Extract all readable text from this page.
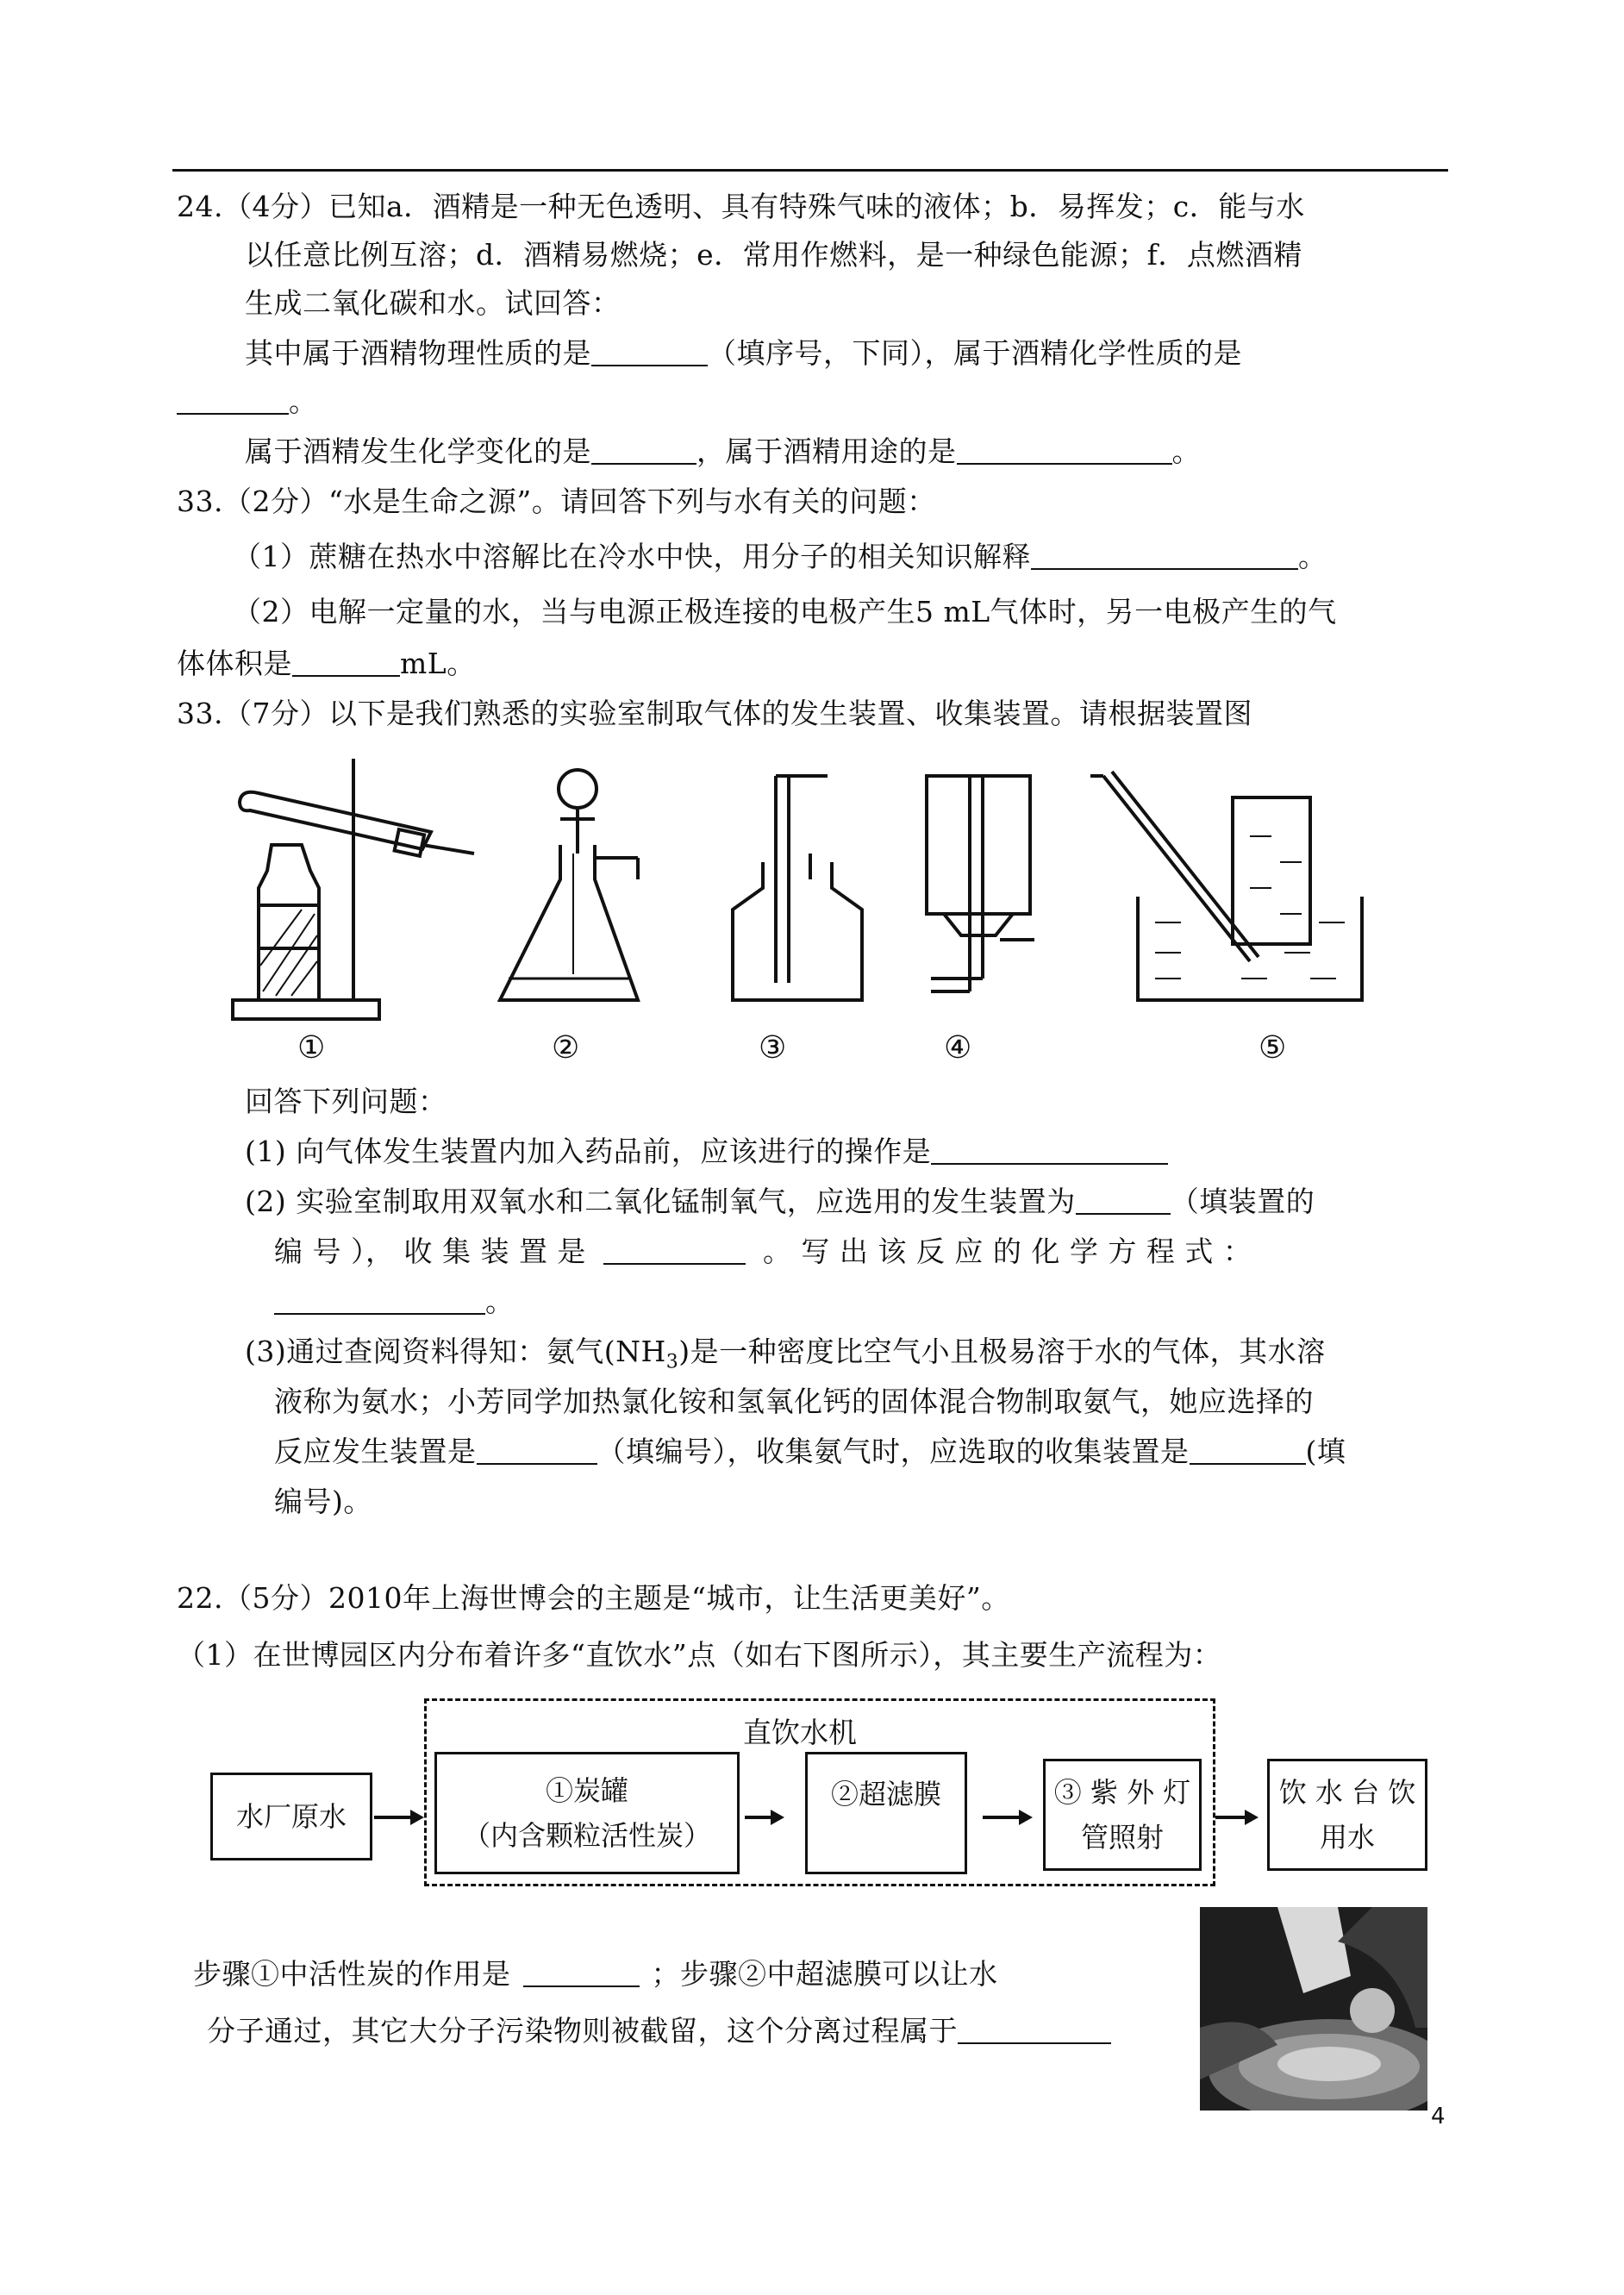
24.（4分）已知a．酒精是一种无色透明、具有特殊气味的液体；b．易挥发；c．能与水
以任意比例互溶；d．酒精易燃烧；e．常用作燃料，是一种绿色能源；f．点燃酒精
生成二氧化碳和水。试回答：
其中属于酒精物理性质的是	（填序号，下同），属于酒精化学性质的是
。
属于酒精发生化学变化的是	，属于酒精用途的是	。
33.（2分）“水是生命之源”。请回答下列与水有关的问题：
（1）蔗糖在热水中溶解比在冷水中快，用分子的相关知识解释	。
（2）电解一定量的水，当与电源正极连接的电极产生5 mL气体时，另一电极产生的气
体体积是	mL。
33.（7分）以下是我们熟悉的实验室制取气体的发生装置、收集装置。请根据装置图
①	②	③	④	⑤
回答下列问题：
(1) 向气体发生装置内加入药品前，应该进行的操作是
(2) 实验室制取用双氧水和二氧化锰制氧气，应选用的发生装置为	（填装置的
编 号 ）， 收 集 装 置 是	。 写 出 该 反 应 的 化 学 方 程 式 ：
。
(3)通过查阅资料得知：氨气$(NH_3)$是一种密度比空气小且极易溶于水的气体，其水溶
液称为氨水；小芳同学加热氯化铵和氢氧化钙的固体混合物制取氨气，她应选择的
反应发生装置是	（填编号），收集氨气时，应选取的收集装置是	(填
编号)。
22.（5分）2010年上海世博会的主题是“城市，让生活更美好”。
（1）在世博园区内分布着许多“直饮水”点（如右下图所示），其主要生产流程为：
直饮水机
水厂原水
①炭罐
（内含颗粒活性炭）
②超滤膜	③ 紫 外 灯
管照射
饮 水 台 饮
用水
步骤①中活性炭的作用是	；步骤②中超滤膜可以让水
分子通过，其它大分子污染物则被截留，这个分离过程属于
4
